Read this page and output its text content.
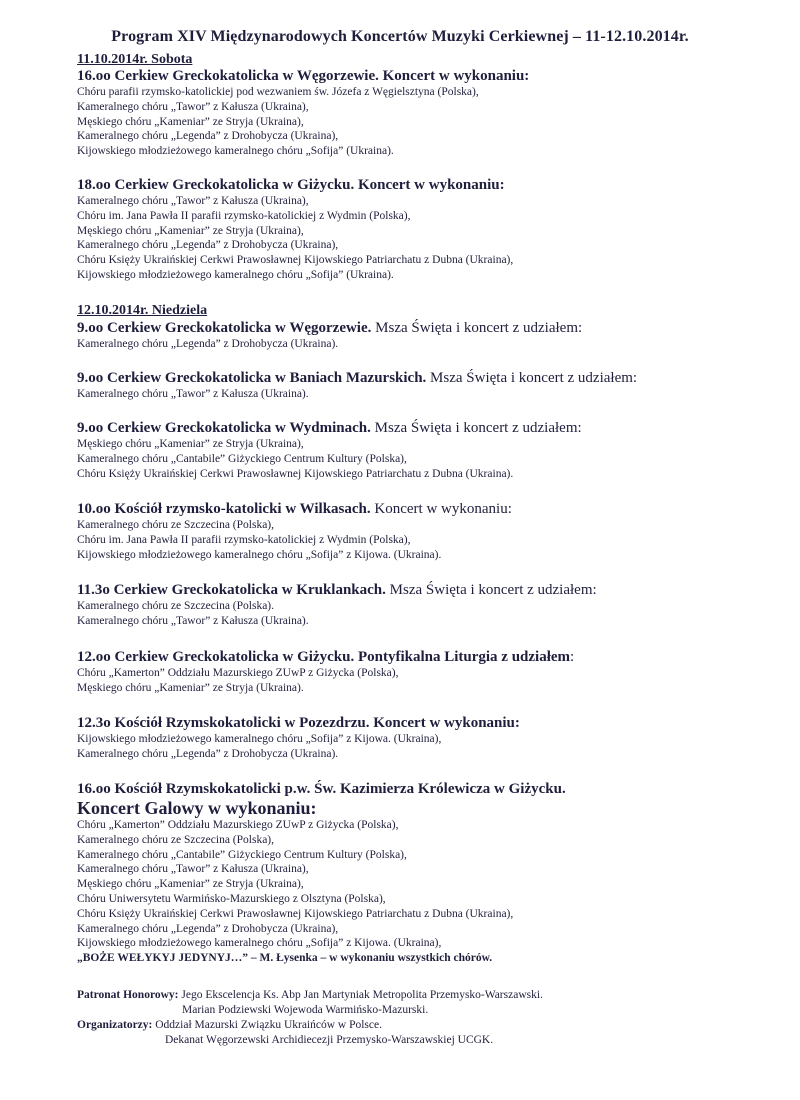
Program XIV Międzynarodowych Koncertów Muzyki Cerkiewnej – 11-12.10.2014r.
11.10.2014r. Sobota
16.oo Cerkiew Greckokatolicka w Węgorzewie. Koncert w wykonaniu:
Chóru parafii rzymsko-katolickiej pod wezwaniem św. Józefa z Węgielsztyna (Polska),
Kameralnego chóru „Tawor” z Kałusza (Ukraina),
Męskiego chóru „Kameniar” ze Stryja (Ukraina),
Kameralnego chóru „Legenda” z Drohobycza (Ukraina),
Kijowskiego młodzieżowego kameralnego chóru „Sofija” (Ukraina).
18.oo Cerkiew Greckokatolicka w Giżycku. Koncert w wykonaniu:
Kameralnego chóru „Tawor” z Kałusza (Ukraina),
Chóru im. Jana Pawła II parafii rzymsko-katolickiej z Wydmin (Polska),
Męskiego chóru „Kameniar” ze Stryja (Ukraina),
Kameralnego chóru „Legenda” z Drohobycza (Ukraina),
Chóru Księży Ukraińskiej Cerkwi Prawosławnej Kijowskiego Patriarchatu z Dubna (Ukraina),
Kijowskiego młodzieżowego kameralnego chóru „Sofija” (Ukraina).
12.10.2014r. Niedziela
9.oo Cerkiew Greckokatolicka w Węgorzewie. Msza Święta i koncert z udziałem:
Kameralnego chóru „Legenda” z Drohobycza (Ukraina).
9.oo Cerkiew Greckokatolicka w Baniach Mazurskich. Msza Święta i koncert z udziałem:
Kameralnego chóru „Tawor” z Kałusza (Ukraina).
9.oo Cerkiew Greckokatolicka w Wydminach. Msza Święta i koncert z udziałem:
Męskiego chóru „Kameniar” ze Stryja (Ukraina),
Kameralnego chóru „Cantabile” Giżyckiego Centrum Kultury (Polska),
Chóru Księży Ukraińskiej Cerkwi Prawosławnej Kijowskiego Patriarchatu z Dubna (Ukraina).
10.oo Kościół rzymsko-katolicki w Wilkasach. Koncert w wykonaniu:
Kameralnego chóru ze Szczecina (Polska),
Chóru im. Jana Pawła II parafii rzymsko-katolickiej z Wydmin (Polska),
Kijowskiego młodzieżowego kameralnego chóru „Sofija” z Kijowa. (Ukraina).
11.3o Cerkiew Greckokatolicka w Kruklankach. Msza Święta i koncert z udziałem:
Kameralnego chóru ze Szczecina (Polska).
Kameralnego chóru „Tawor” z Kałusza (Ukraina).
12.oo Cerkiew Greckokatolicka w Giżycku. Pontyfikalna Liturgia z udziałem:
Chóru „Kamerton” Oddziału Mazurskiego ZUwP z Giżycka (Polska),
Męskiego chóru „Kameniar” ze Stryja (Ukraina).
12.3o Kościół Rzymskokatolicki w Pozezdrzu. Koncert w wykonaniu:
Kijowskiego młodzieżowego kameralnego chóru „Sofija” z Kijowa. (Ukraina),
Kameralnego chóru „Legenda” z Drohobycza (Ukraina).
16.oo Kościół Rzymskokatolicki p.w. Św. Kazimierza Królewicza w Giżycku.
Koncert Galowy w wykonaniu:
Chóru „Kamerton” Oddziału Mazurskiego ZUwP z Giżycka (Polska),
Kameralnego chóru ze Szczecina (Polska),
Kameralnego chóru „Cantabile” Giżyckiego Centrum Kultury (Polska),
Kameralnego chóru „Tawor” z Kałusza (Ukraina),
Męskiego chóru „Kameniar” ze Stryja (Ukraina),
Chóru Uniwersytetu Warmińsko-Mazurskiego z Olsztyna (Polska),
Chóru Księży Ukraińskiej Cerkwi Prawosławnej Kijowskiego Patriarchatu z Dubna (Ukraina),
Kameralnego chóru „Legenda” z Drohobycza (Ukraina),
Kijowskiego młodzieżowego kameralnego chóru „Sofija” z Kijowa. (Ukraina),
„BOŻE WEŁYKYJ JEDYNYJ…” – M. Łysenka – w wykonaniu wszystkich chórów.
Patronat Honorowy: Jego Ekscelencja Ks. Abp Jan Martyniak Metropolita Przemysko-Warszawski.
Marian Podziewski Wojewoda Warmińsko-Mazurski.
Organizatorzy: Oddział Mazurski Związku Ukraińców w Polsce.
Dekanat Węgorzewski Archidiecezji Przemysko-Warszawskiej UCGK.
